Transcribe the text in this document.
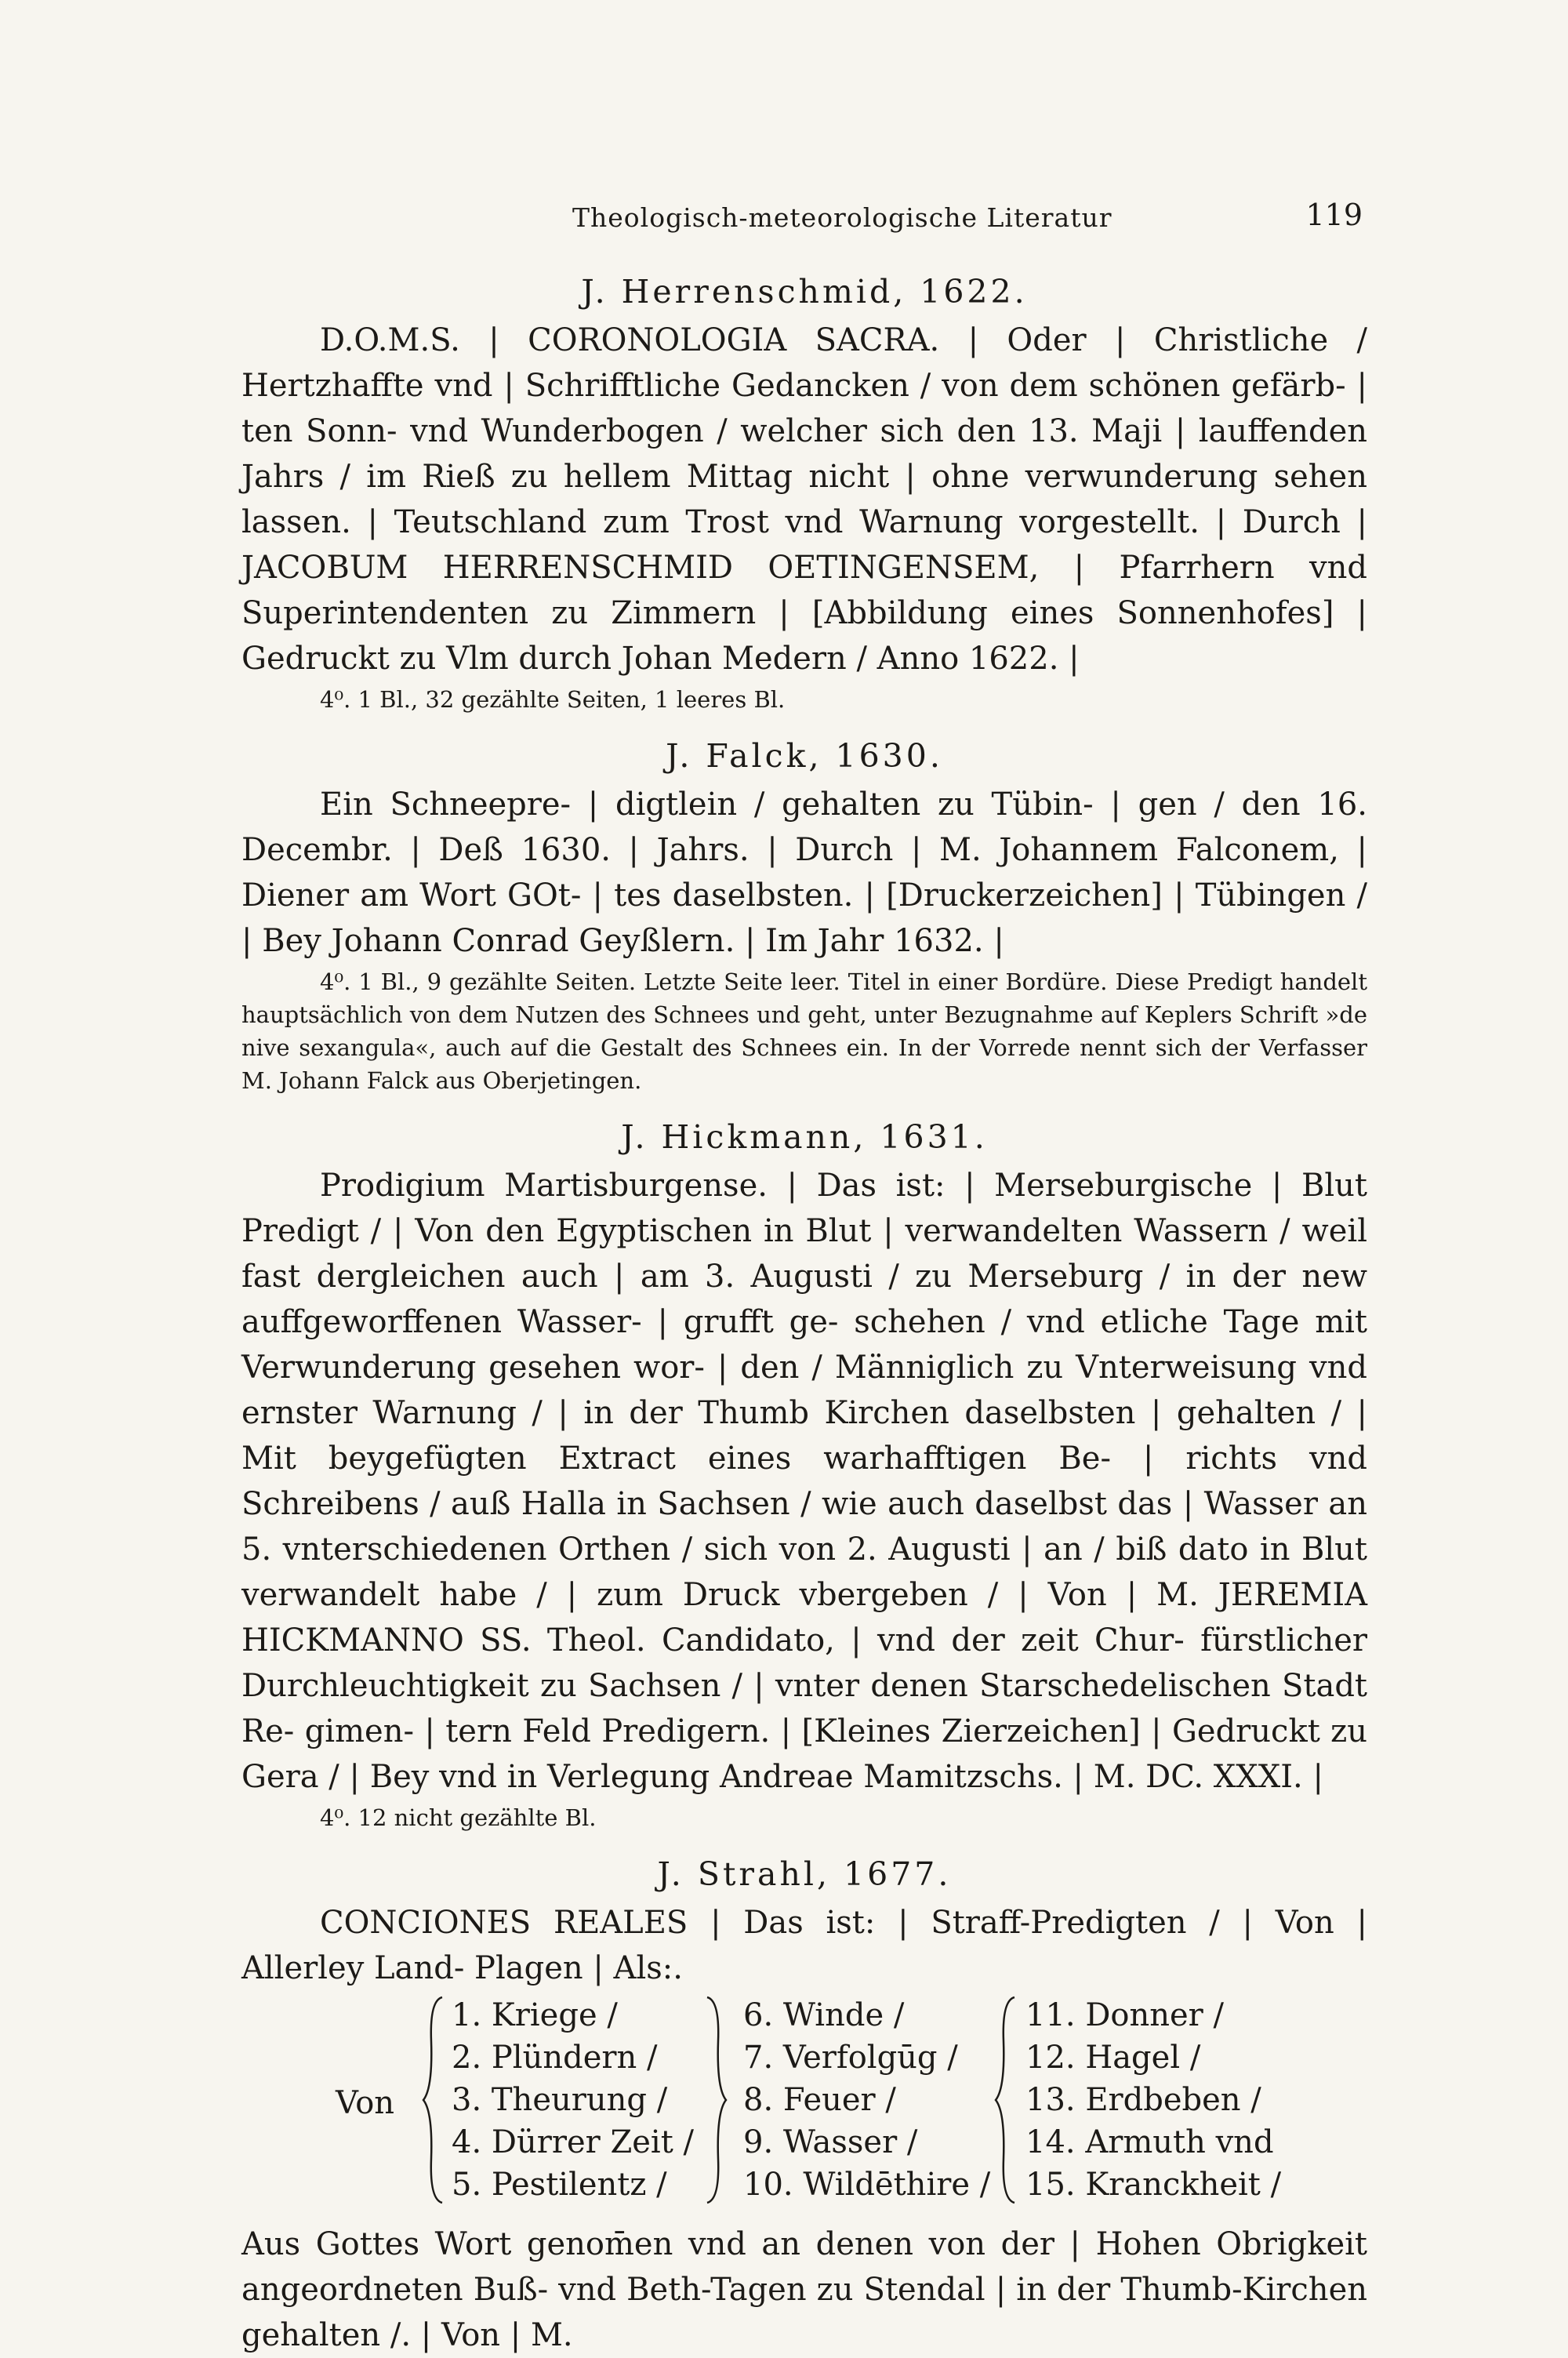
Theologisch-meteorologische Literatur	119
J. Herrenschmid, 1622.

D.O.M.S. | CORONOLOGIA SACRA. | Oder | Christliche / Hertzhaffte vnd | Schrifftliche Gedancken / von dem schönen gefärb- | ten Sonn- vnd Wunderbogen / welcher sich den 13. Maji | lauffenden Jahrs / im Rieß zu hellem Mittag nicht | ohne verwunderung sehen lassen. | Teutschland zum Trost vnd Warnung vorgestellt. | Durch | JACOBUM HERRENSCHMID OETINGENSEM, | Pfarrhern vnd Superintendenten zu Zimmern | [Abbildung eines Sonnenhofes] | Gedruckt zu Vlm durch Johan Medern / Anno 1622. |

4⁰. 1 Bl., 32 gezählte Seiten, 1 leeres Bl.
J. Falck, 1630.

Ein Schneepre- | digtlein / gehalten zu Tübin- | gen / den 16. Decembr. | Deß 1630. | Jahrs. | Durch | M. Johannem Falconem, | Diener am Wort GOt- | tes daselbsten. | [Druckerzeichen] | Tübingen / | Bey Johann Conrad Geyßlern. | Im Jahr 1632. |

4⁰. 1 Bl., 9 gezählte Seiten. Letzte Seite leer. Titel in einer Bordüre. Diese Predigt handelt hauptsächlich von dem Nutzen des Schnees und geht, unter Bezugnahme auf Keplers Schrift »de nive sexangula«, auch auf die Gestalt des Schnees ein. In der Vorrede nennt sich der Verfasser M. Johann Falck aus Oberjetingen.
J. Hickmann, 1631.

Prodigium Martisburgense. | Das ist: | Merseburgische | Blut Predigt / | Von den Egyptischen in Blut | verwandelten Wassern / weil fast dergleichen auch | am 3. Augusti / zu Merseburg / in der new auffgeworffenen Wasser- | grufft ge- schehen / vnd etliche Tage mit Verwunderung gesehen wor- | den / Männiglich zu Vnterweisung vnd ernster Warnung / | in der Thumb Kirchen daselbsten | gehalten / | Mit beygefügten Extract eines warhafftigen Be- | richts vnd Schreibens / auß Halla in Sachsen / wie auch daselbst das | Wasser an 5. vnterschiedenen Orthen / sich von 2. Augusti | an / biß dato in Blut verwandelt habe / | zum Druck vbergeben / | Von | M. JEREMIA HICKMANNO SS. Theol. Candidato, | vnd der zeit Chur- fürstlicher Durchleuchtigkeit zu Sachsen / | vnter denen Starschedelischen Stadt Re- gimen- | tern Feld Predigern. | [Kleines Zierzeichen] | Gedruckt zu Gera / | Bey vnd in Verlegung Andreae Mamitzschs. | M. DC. XXXI. |

4⁰. 12 nicht gezählte Bl.
J. Strahl, 1677.

CONCIONES REALES | Das ist: | Straff-Predigten / | Von | Allerley Land- Plagen | Als:.

Von
1. Kriege /
2. Plündern /
3. Theurung /
4. Dürrer Zeit /
5. Pestilentz /
6. Winde /
7. Verfolgūg /
8. Feuer /
9. Wasser /
10. Wildēthire /
11. Donner /
12. Hagel /
13. Erdbeben /
14. Armuth vnd
15. Kranckheit /

Aus Gottes Wort genom̄en vnd an denen von der | Hohen Obrigkeit angeordneten Buß- vnd Beth-Tagen zu Stendal | in der Thumb-Kirchen gehalten /. | Von | M.
